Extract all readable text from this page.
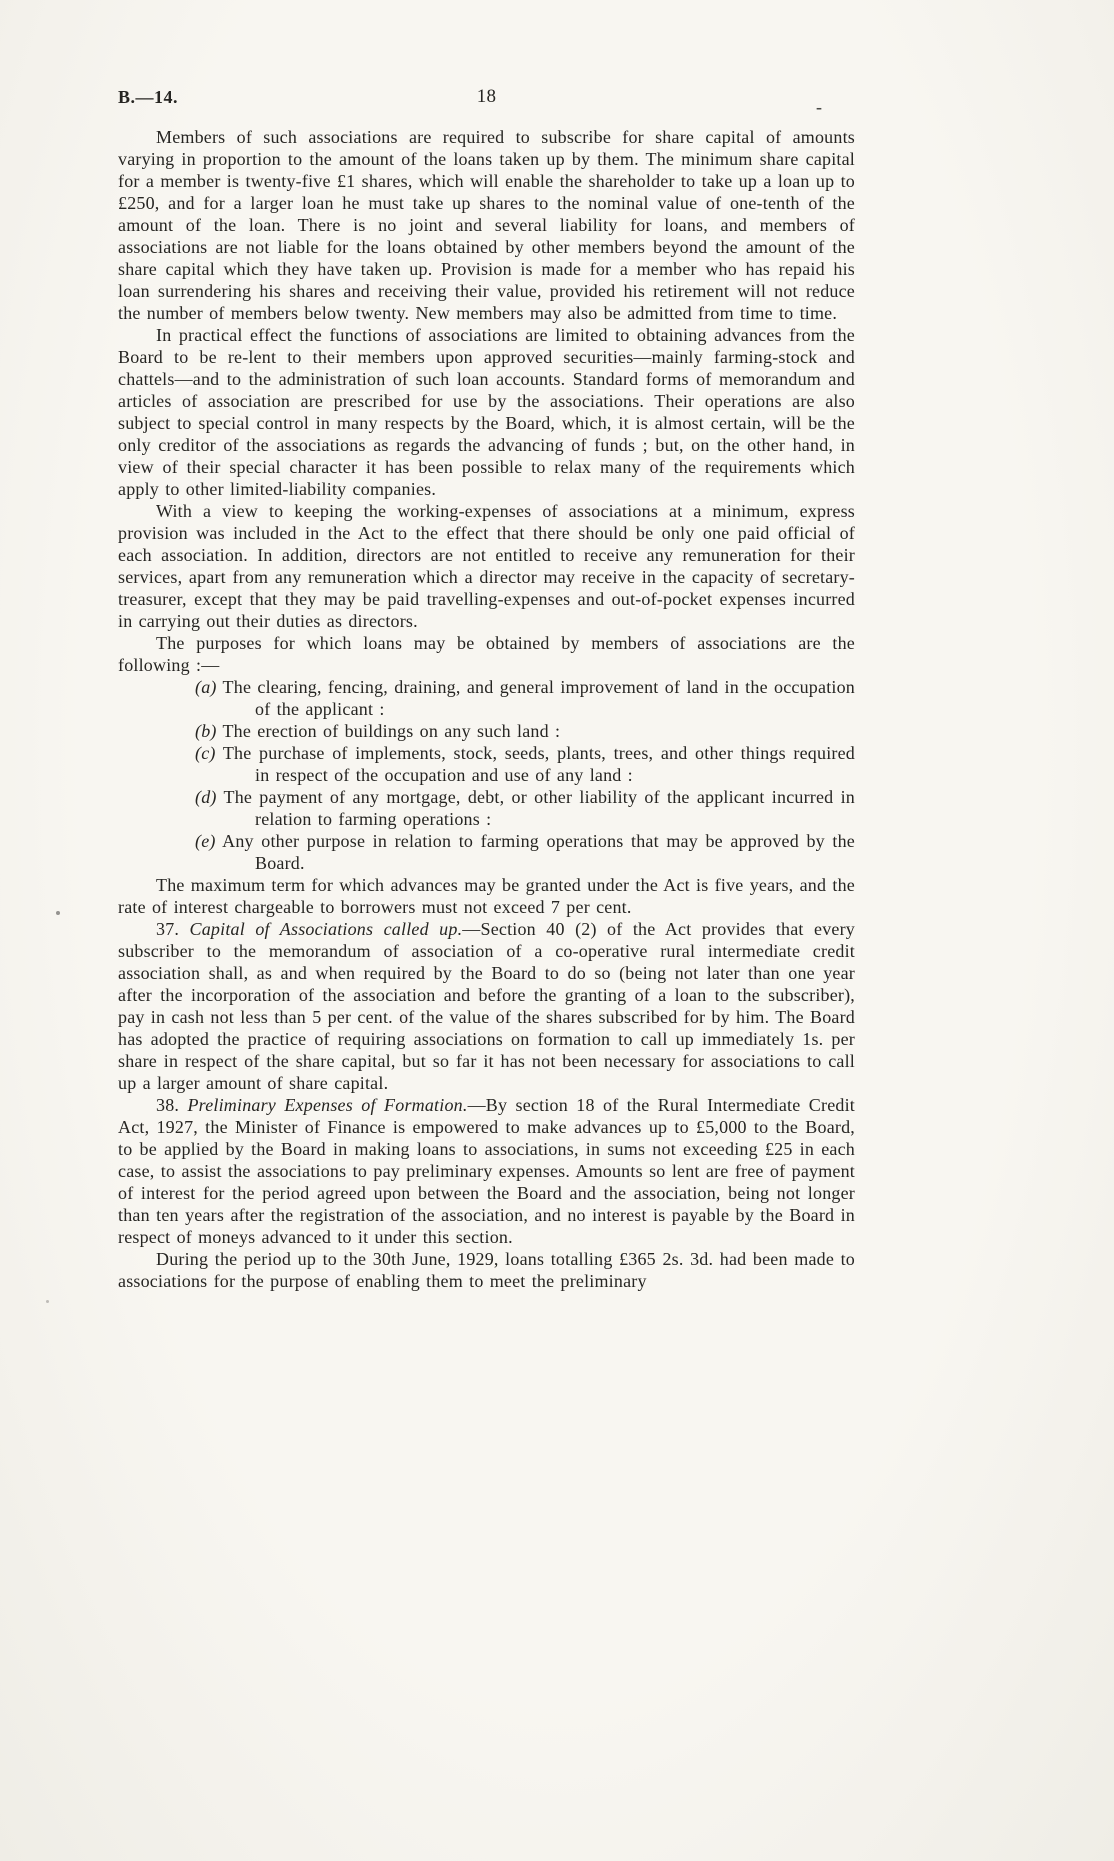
B.—14.	18	-

Members of such associations are required to subscribe for share capital of amounts varying in proportion to the amount of the loans taken up by them. The minimum share capital for a member is twenty-five £1 shares, which will enable the shareholder to take up a loan up to £250, and for a larger loan he must take up shares to the nominal value of one-tenth of the amount of the loan. There is no joint and several liability for loans, and members of associations are not liable for the loans obtained by other members beyond the amount of the share capital which they have taken up. Provision is made for a member who has repaid his loan surrendering his shares and receiving their value, provided his retirement will not reduce the number of members below twenty. New members may also be admitted from time to time.

In practical effect the functions of associations are limited to obtaining advances from the Board to be re-lent to their members upon approved securities—mainly farming-stock and chattels—and to the administration of such loan accounts. Standard forms of memorandum and articles of association are prescribed for use by the associations. Their operations are also subject to special control in many respects by the Board, which, it is almost certain, will be the only creditor of the associations as regards the advancing of funds ; but, on the other hand, in view of their special character it has been possible to relax many of the requirements which apply to other limited-liability companies.

With a view to keeping the working-expenses of associations at a minimum, express provision was included in the Act to the effect that there should be only one paid official of each association. In addition, directors are not entitled to receive any remuneration for their services, apart from any remuneration which a director may receive in the capacity of secretary-treasurer, except that they may be paid travelling-expenses and out-of-pocket expenses incurred in carrying out their duties as directors.

The purposes for which loans may be obtained by members of associations are the following :—

(a) The clearing, fencing, draining, and general improvement of land in the occupation of the applicant :

(b) The erection of buildings on any such land :

(c) The purchase of implements, stock, seeds, plants, trees, and other things required in respect of the occupation and use of any land :

(d) The payment of any mortgage, debt, or other liability of the applicant incurred in relation to farming operations :

(e) Any other purpose in relation to farming operations that may be approved by the Board.

The maximum term for which advances may be granted under the Act is five years, and the rate of interest chargeable to borrowers must not exceed 7 per cent.

37. Capital of Associations called up.—Section 40 (2) of the Act provides that every subscriber to the memorandum of association of a co-operative rural intermediate credit association shall, as and when required by the Board to do so (being not later than one year after the incorporation of the association and before the granting of a loan to the subscriber), pay in cash not less than 5 per cent. of the value of the shares subscribed for by him. The Board has adopted the practice of requiring associations on formation to call up immediately 1s. per share in respect of the share capital, but so far it has not been necessary for associations to call up a larger amount of share capital.

38. Preliminary Expenses of Formation.—By section 18 of the Rural Intermediate Credit Act, 1927, the Minister of Finance is empowered to make advances up to £5,000 to the Board, to be applied by the Board in making loans to associations, in sums not exceeding £25 in each case, to assist the associations to pay preliminary expenses. Amounts so lent are free of payment of interest for the period agreed upon between the Board and the association, being not longer than ten years after the registration of the association, and no interest is payable by the Board in respect of moneys advanced to it under this section.

During the period up to the 30th June, 1929, loans totalling £365 2s. 3d. had been made to associations for the purpose of enabling them to meet the preliminary
